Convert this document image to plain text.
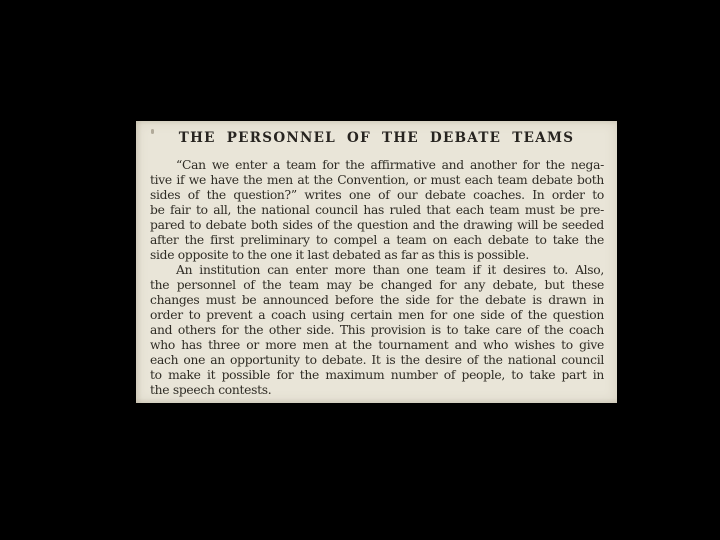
THE PERSONNEL OF THE DEBATE TEAMS
“Can we enter a team for the affirmative and another for the nega-
tive if we have the men at the Convention, or must each team debate both
sides of the question?” writes one of our debate coaches. In order to
be fair to all, the national council has ruled that each team must be pre-
pared to debate both sides of the question and the drawing will be seeded
after the first preliminary to compel a team on each debate to take the
side opposite to the one it last debated as far as this is possible.
An institution can enter more than one team if it desires to. Also,
the personnel of the team may be changed for any debate, but these
changes must be announced before the side for the debate is drawn in
order to prevent a coach using certain men for one side of the question
and others for the other side. This provision is to take care of the coach
who has three or more men at the tournament and who wishes to give
each one an opportunity to debate. It is the desire of the national council
to make it possible for the maximum number of people, to take part in
the speech contests.
